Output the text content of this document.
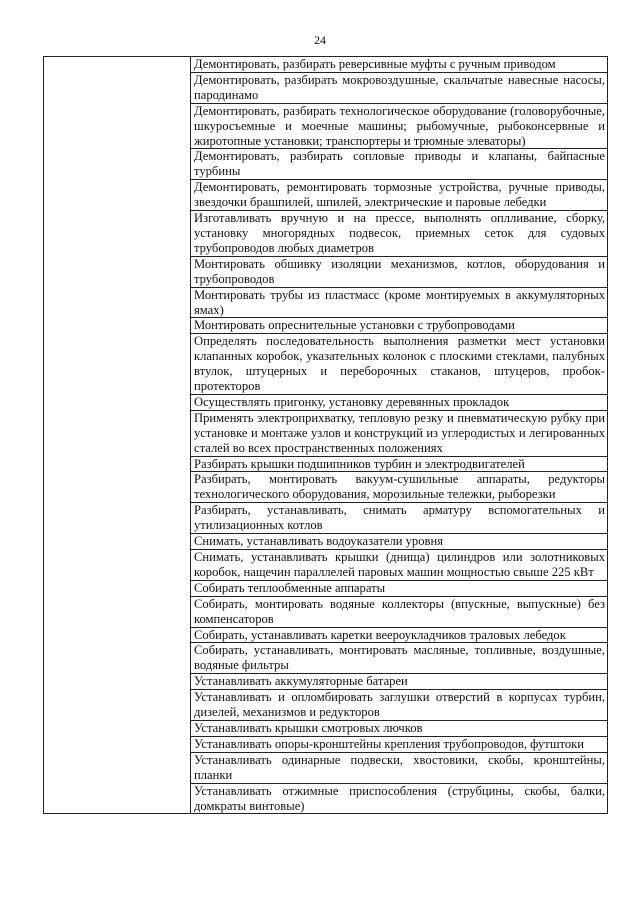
24
	Демонтировать, разбирать реверсивные муфты с ручным приводом
Демонтировать, разбирать мокровоздушные, скальчатые навесные насосы, пародинамо
Демонтировать, разбирать технологическое оборудование (головорубочные, шкуросъемные и моечные машины; рыбомучные, рыбоконсервные и жиротопные установки; транспортеры и трюмные элеваторы)
Демонтировать, разбирать сопловые приводы и клапаны, байпасные турбины
Демонтировать, ремонтировать тормозные устройства, ручные приводы, звездочки брашпилей, шпилей, электрические и паровые лебедки
Изготавливать вручную и на прессе, выполнять оплливание, сборку, установку многорядных подвесок, приемных сеток для судовых трубопроводов любых диаметров
Монтировать обшивку изоляции механизмов, котлов, оборудования и трубопроводов
Монтировать трубы из пластмасс (кроме монтируемых в аккумуляторных ямах)
Монтировать опреснительные установки с трубопроводами
Определять последовательность выполнения разметки мест установки клапанных коробок, указательных колонок с плоскими стеклами, палубных втулок, штуцерных и переборочных стаканов, штуцеров, пробок-протекторов
Осуществлять пригонку, установку деревянных прокладок
Применять электроприхватку, тепловую резку и пневматическую рубку при установке и монтаже узлов и конструкций из углеродистых и легированных сталей во всех пространственных положениях
Разбирать крышки подшипников турбин и электродвигателей
Разбирать, монтировать вакуум-сушильные аппараты, редукторы технологического оборудования, морозильные тележки, рыборезки
Разбирать, устанавливать, снимать арматуру вспомогательных и утилизационных котлов
Снимать, устанавливать водоуказатели уровня
Снимать, устанавливать крышки (днища) цилиндров или золотниковых коробок, нащечин параллелей паровых машин мощностью свыше 225 кВт
Собирать теплообменные аппараты
Собирать, монтировать водяные коллекторы (впускные, выпускные) без компенсаторов
Собирать, устанавливать каретки веероукладчиков траловых лебедок
Собирать, устанавливать, монтировать масляные, топливные, воздушные, водяные фильтры
Устанавливать аккумуляторные батареи
Устанавливать и опломбировать заглушки отверстий в корпусах турбин, дизелей, механизмов и редукторов
Устанавливать крышки смотровых лючков
Устанавливать опоры-кронштейны крепления трубопроводов, футштоки
Устанавливать одинарные подвески, хвостовики, скобы, кронштейны, планки
Устанавливать отжимные приспособления (струбцины, скобы, балки, домкраты винтовые)
